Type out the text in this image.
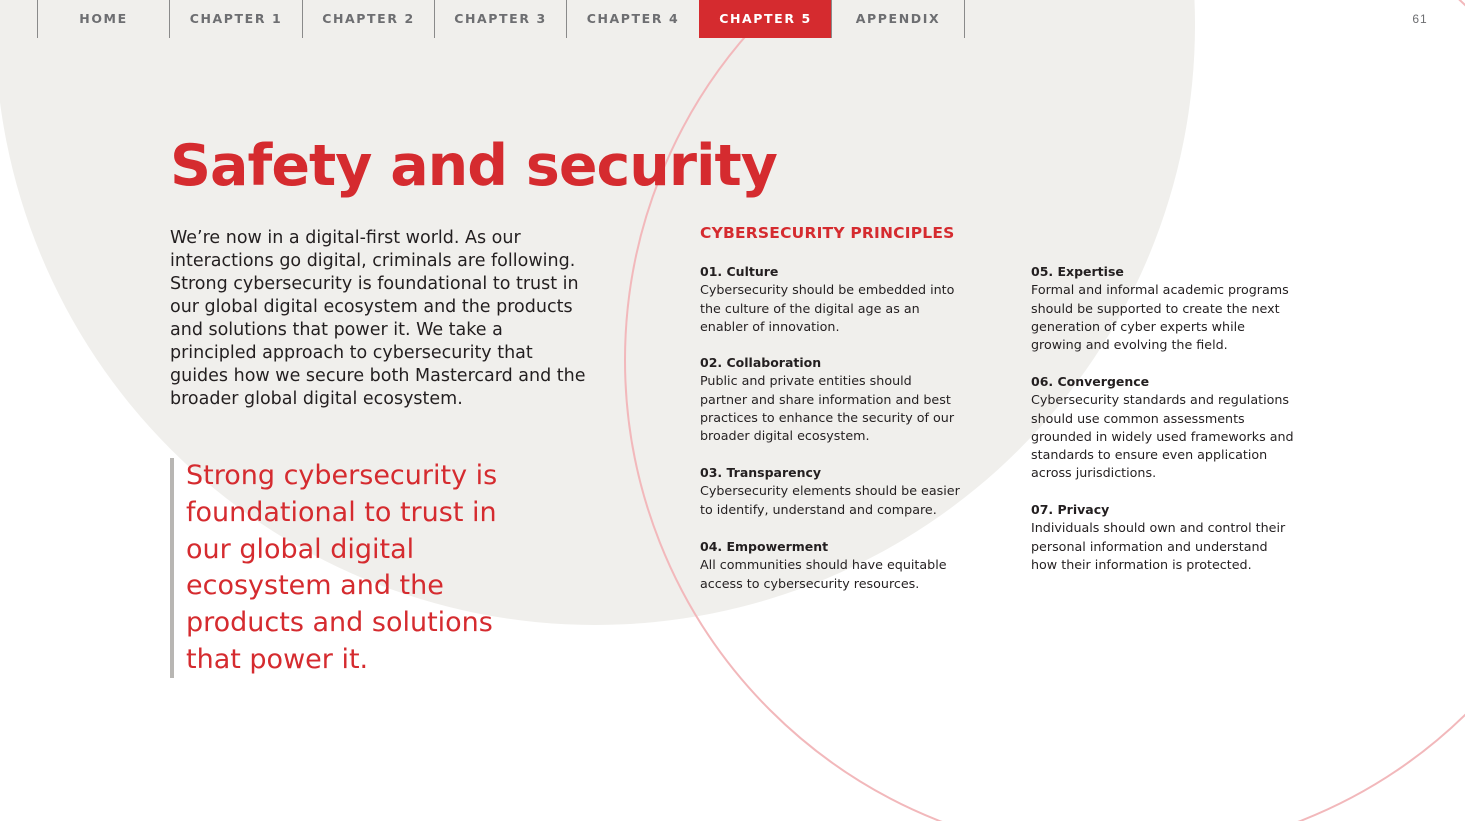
HOME	CHAPTER 1	CHAPTER 2	CHAPTER 3	CHAPTER 4	CHAPTER 5	APPENDIX	61
Safety and security

We’re now in a digital-first world. As our interactions go digital, criminals are following. Strong cybersecurity is foundational to trust in our global digital ecosystem and the products and solutions that power it. We take a principled approach to cybersecurity that guides how we secure both Mastercard and the broader global digital ecosystem.

Strong cybersecurity is foundational to trust in our global digital ecosystem and the products and solutions that power it.

CYBERSECURITY PRINCIPLES

01. Culture

Cybersecurity should be embedded into the culture of the digital age as an enabler of innovation.

02. Collaboration

Public and private entities should partner and share information and best practices to enhance the security of our broader digital ecosystem.

03. Transparency

Cybersecurity elements should be easier to identify, understand and compare.

04. Empowerment

All communities should have equitable access to cybersecurity resources.

05. Expertise

Formal and informal academic programs should be supported to create the next generation of cyber experts while growing and evolving the field.

06. Convergence

Cybersecurity standards and regulations should use common assessments grounded in widely used frameworks and standards to ensure even application across jurisdictions.

07. Privacy

Individuals should own and control their personal information and understand how their information is protected.
